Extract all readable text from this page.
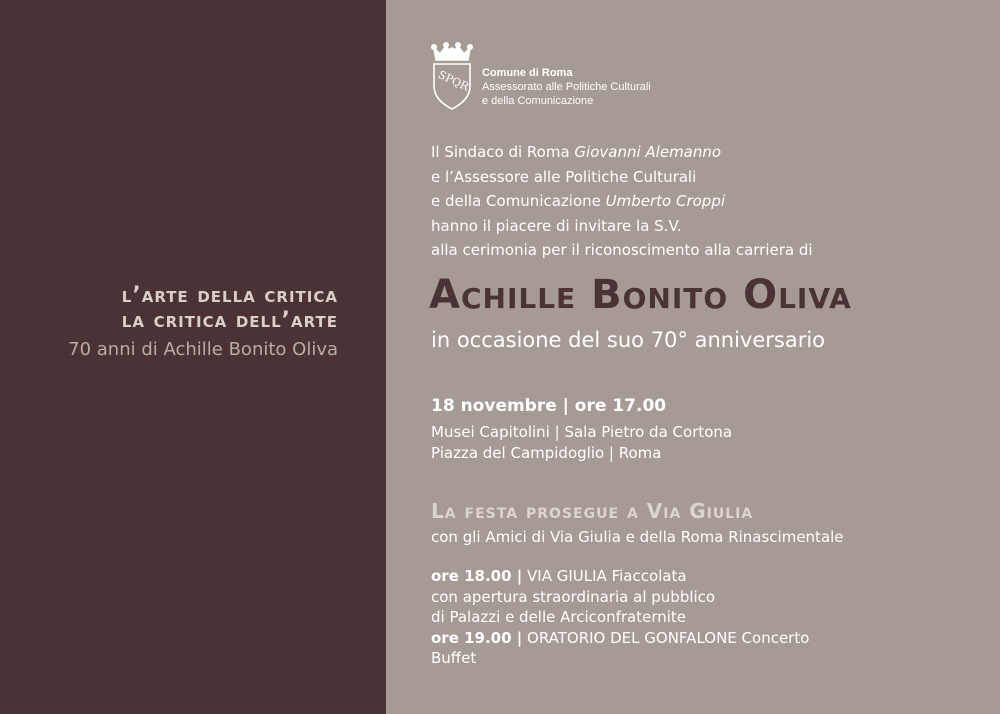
l’arte della critica
la critica dell’arte
70 anni di Achille Bonito Oliva
SPQR Comune di Roma
Assessorato alle Politiche Culturali
e della Comunicazione
Il Sindaco di Roma Giovanni Alemanno
e l’Assessore alle Politiche Culturali
e della Comunicazione Umberto Croppi
hanno il piacere di invitare la S.V.
alla cerimonia per il riconoscimento alla carriera di
Achille Bonito Oliva
in occasione del suo 70° anniversario
18 novembre | ore 17.00
Musei Capitolini | Sala Pietro da Cortona
Piazza del Campidoglio | Roma
La festa prosegue a Via Giulia
con gli Amici di Via Giulia e della Roma Rinascimentale
ore 18.00 | VIA GIULIA Fiaccolata
con apertura straordinaria al pubblico
di Palazzi e delle Arciconfraternite
ore 19.00 | ORATORIO DEL GONFALONE Concerto
Buffet
